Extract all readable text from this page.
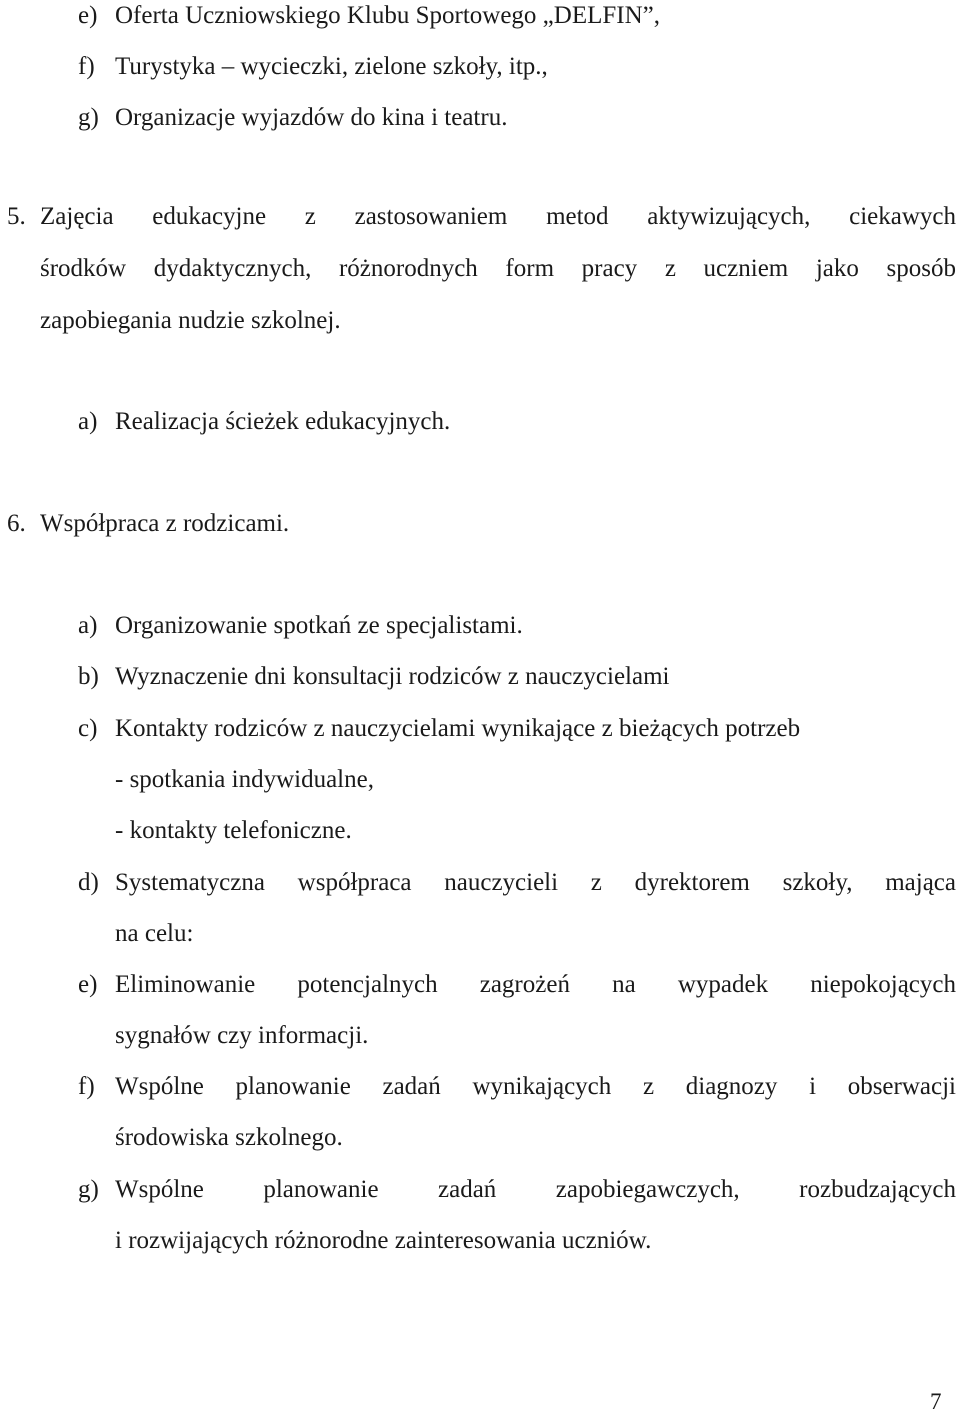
e) Oferta Uczniowskiego Klubu Sportowego „DELFIN”,
f) Turystyka – wycieczki, zielone szkoły, itp.,
g) Organizacje wyjazdów do kina i teatru.
5. Zajęcia edukacyjne z zastosowaniem metod aktywizujących, ciekawych
środków dydaktycznych, różnorodnych form pracy z uczniem jako sposób
zapobiegania nudzie szkolnej.
a) Realizacja ścieżek edukacyjnych.
6. Współpraca z rodzicami.
a) Organizowanie spotkań ze specjalistami.
b) Wyznaczenie dni konsultacji rodziców z nauczycielami
c) Kontakty rodziców z nauczycielami wynikające z bieżących potrzeb
- spotkania indywidualne,
- kontakty telefoniczne.
d) Systematyczna współpraca nauczycieli z dyrektorem szkoły, mająca
na celu:
e) Eliminowanie potencjalnych zagrożeń na wypadek niepokojących
sygnałów czy informacji.
f) Wspólne planowanie zadań wynikających z diagnozy i obserwacji
środowiska szkolnego.
g) Wspólne planowanie zadań zapobiegawczych, rozbudzających
i rozwijających różnorodne zainteresowania uczniów.
7
